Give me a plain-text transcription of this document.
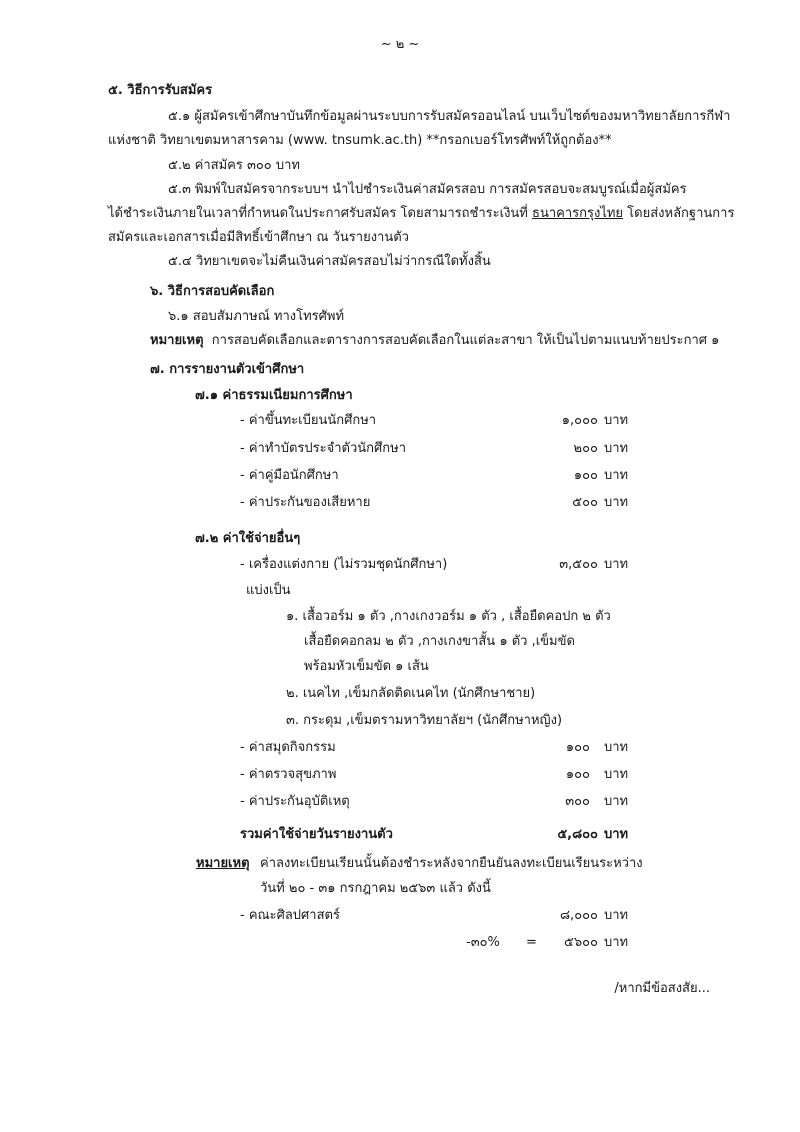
~ ๒ ~
๕. วิธีการรับสมัคร
๕.๑ ผู้สมัครเข้าศึกษาบันทึกข้อมูลผ่านระบบการรับสมัครออนไลน์ บนเว็บไซต์ของมหาวิทยาลัยการกีฬา
แห่งชาติ วิทยาเขตมหาสารคาม (www. tnsumk.ac.th) **กรอกเบอร์โทรศัพท์ให้ถูกต้อง**
๕.๒ ค่าสมัคร ๓๐๐ บาท
๕.๓ พิมพ์ใบสมัครจากระบบฯ นำไปชำระเงินค่าสมัครสอบ การสมัครสอบจะสมบูรณ์เมื่อผู้สมัคร
ได้ชำระเงินภายในเวลาที่กำหนดในประกาศรับสมัคร โดยสามารถชำระเงินที่ ธนาคารกรุงไทย โดยส่งหลักฐานการ
สมัครและเอกสารเมื่อมีสิทธิ์เข้าศึกษา ณ วันรายงานตัว
๕.๔ วิทยาเขตจะไม่คืนเงินค่าสมัครสอบไม่ว่ากรณีใดทั้งสิ้น
๖. วิธีการสอบคัดเลือก
๖.๑ สอบสัมภาษณ์ ทางโทรศัพท์
หมายเหตุ การสอบคัดเลือกและตารางการสอบคัดเลือกในแต่ละสาขา ให้เป็นไปตามแนบท้ายประกาศ ๑
๗. การรายงานตัวเข้าศึกษา
๗.๑ ค่าธรรมเนียมการศึกษา
- ค่าขึ้นทะเบียนนักศึกษา	๑,๐๐๐ บาท
- ค่าทำบัตรประจำตัวนักศึกษา	๒๐๐ บาท
- ค่าคู่มือนักศึกษา	๑๐๐ บาท
- ค่าประกันของเสียหาย	๕๐๐ บาท
๗.๒ ค่าใช้จ่ายอื่นๆ
- เครื่องแต่งกาย (ไม่รวมชุดนักศึกษา)	๓,๕๐๐ บาท
แบ่งเป็น
๑. เสื้อวอร์ม ๑ ตัว ,กางเกงวอร์ม ๑ ตัว , เสื้อยืดคอปก ๒ ตัว
เสื้อยืดคอกลม ๒ ตัว ,กางเกงขาสั้น ๑ ตัว ,เข็มขัด
พร้อมหัวเข็มขัด ๑ เส้น
๒. เนคไท ,เข็มกลัดติดเนคไท (นักศึกษาชาย)
๓. กระดุม ,เข็มตรามหาวิทยาลัยฯ (นักศึกษาหญิง)
- ค่าสมุดกิจกรรม	๑๐๐ บาท
- ค่าตรวจสุขภาพ	๑๐๐ บาท
- ค่าประกันอุบัติเหตุ	๓๐๐ บาท
รวมค่าใช้จ่ายวันรายงานตัว	๕,๘๐๐ บาท
หมายเหตุ ค่าลงทะเบียนเรียนนั้นต้องชำระหลังจากยืนยันลงทะเบียนเรียนระหว่าง
วันที่ ๒๐ - ๓๑ กรกฎาคม ๒๕๖๓ แล้ว ดังนี้
- คณะศิลปศาสตร์	๘,๐๐๐ บาท
-๓๐% =	๕๖๐๐ บาท
/หากมีข้อสงสัย...
